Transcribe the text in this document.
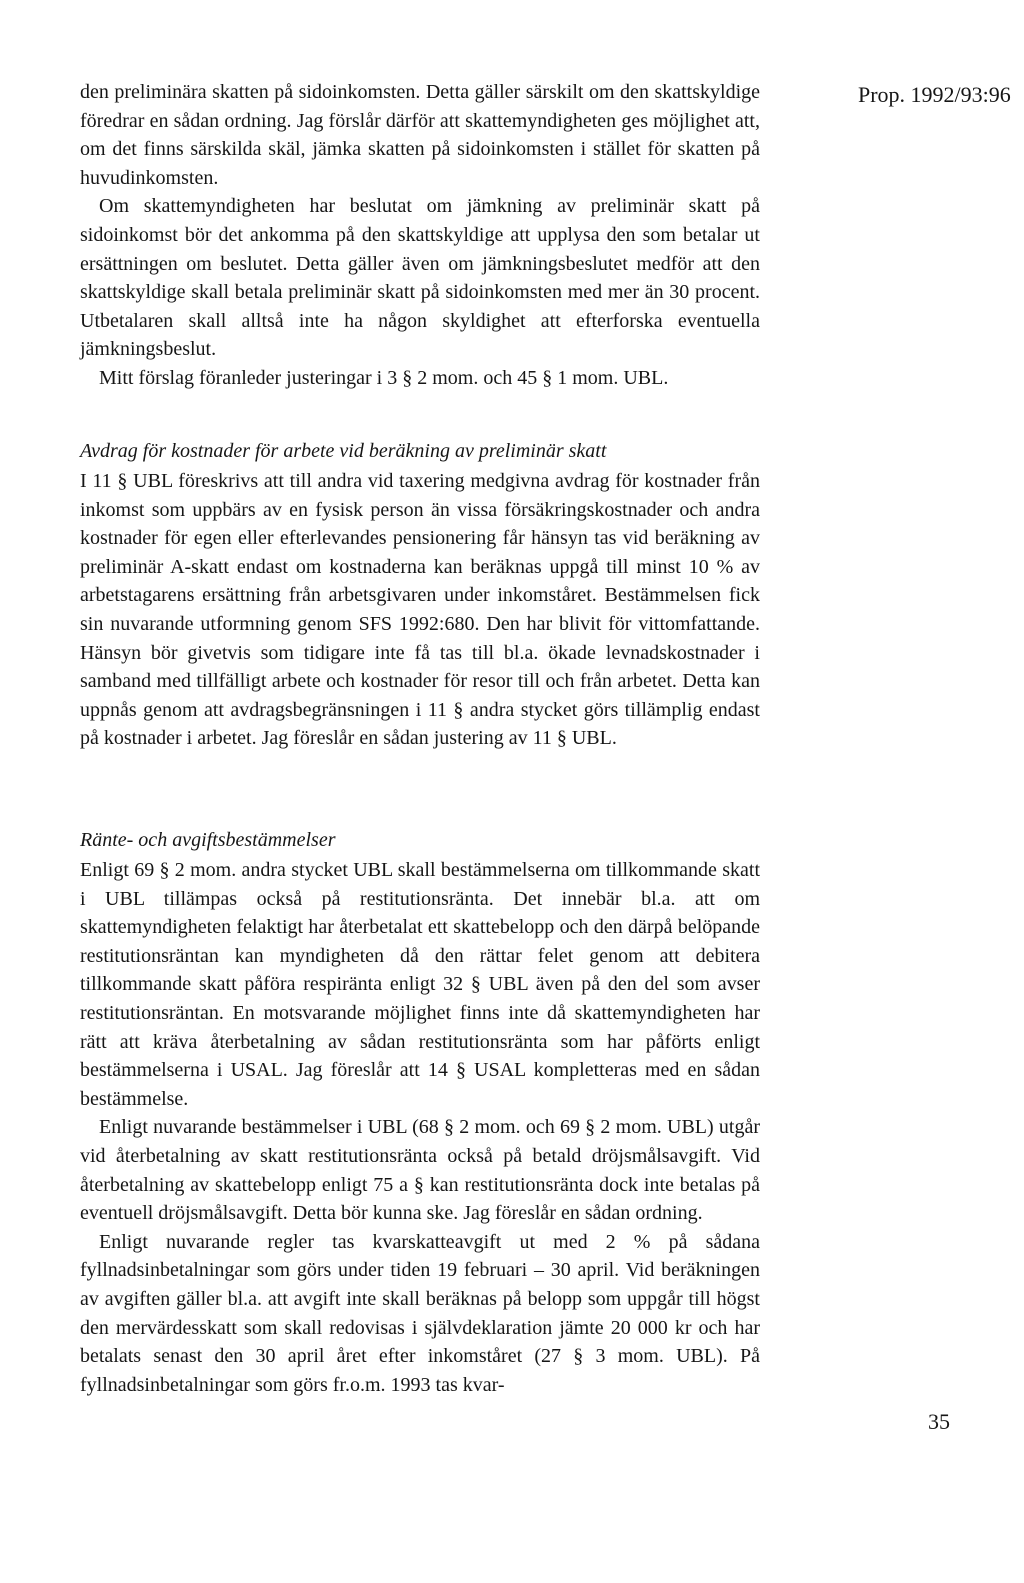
Prop. 1992/93:96

den preliminära skatten på sidoinkomsten. Detta gäller särskilt om den skattskyldige föredrar en sådan ordning. Jag förslår därför att skattemyndigheten ges möjlighet att, om det finns särskilda skäl, jämka skatten på sidoinkomsten i stället för skatten på huvudinkomsten.

Om skattemyndigheten har beslutat om jämkning av preliminär skatt på sidoinkomst bör det ankomma på den skattskyldige att upplysa den som betalar ut ersättningen om beslutet. Detta gäller även om jämkningsbeslutet medför att den skattskyldige skall betala preliminär skatt på sidoinkomsten med mer än 30 procent. Utbetalaren skall alltså inte ha någon skyldighet att efterforska eventuella jämkningsbeslut.

Mitt förslag föranleder justeringar i 3 § 2 mom. och 45 § 1 mom. UBL.

Avdrag för kostnader för arbete vid beräkning av preliminär skatt

I 11 § UBL föreskrivs att till andra vid taxering medgivna avdrag för kostnader från inkomst som uppbärs av en fysisk person än vissa försäkringskostnader och andra kostnader för egen eller efterlevandes pensionering får hänsyn tas vid beräkning av preliminär A-skatt endast om kostnaderna kan beräknas uppgå till minst 10 % av arbetstagarens ersättning från arbetsgivaren under inkomståret. Bestämmelsen fick sin nuvarande utformning genom SFS 1992:680. Den har blivit för vittomfattande. Hänsyn bör givetvis som tidigare inte få tas till bl.a. ökade levnadskostnader i samband med tillfälligt arbete och kostnader för resor till och från arbetet. Detta kan uppnås genom att avdragsbegränsningen i 11 § andra stycket görs tillämplig endast på kostnader i arbetet. Jag föreslår en sådan justering av 11 § UBL.

Ränte- och avgiftsbestämmelser

Enligt 69 § 2 mom. andra stycket UBL skall bestämmelserna om tillkommande skatt i UBL tillämpas också på restitutionsränta. Det innebär bl.a. att om skattemyndigheten felaktigt har återbetalat ett skattebelopp och den därpå belöpande restitutionsräntan kan myndigheten då den rättar felet genom att debitera tillkommande skatt påföra respiränta enligt 32 § UBL även på den del som avser restitutionsräntan. En motsvarande möjlighet finns inte då skattemyndigheten har rätt att kräva återbetalning av sådan restitutionsränta som har påförts enligt bestämmelserna i USAL. Jag föreslår att 14 § USAL kompletteras med en sådan bestämmelse.

Enligt nuvarande bestämmelser i UBL (68 § 2 mom. och 69 § 2 mom. UBL) utgår vid återbetalning av skatt restitutionsränta också på betald dröjsmålsavgift. Vid återbetalning av skattebelopp enligt 75 a § kan restitutionsränta dock inte betalas på eventuell dröjsmålsavgift. Detta bör kunna ske. Jag föreslår en sådan ordning.

Enligt nuvarande regler tas kvarskatteavgift ut med 2 % på sådana fyllnadsinbetalningar som görs under tiden 19 februari – 30 april. Vid beräkningen av avgiften gäller bl.a. att avgift inte skall beräknas på belopp som uppgår till högst den mervärdesskatt som skall redovisas i självdeklaration jämte 20 000 kr och har betalats senast den 30 april året efter inkomståret (27 § 3 mom. UBL). På fyllnadsinbetalningar som görs fr.o.m. 1993 tas kvar-

35
